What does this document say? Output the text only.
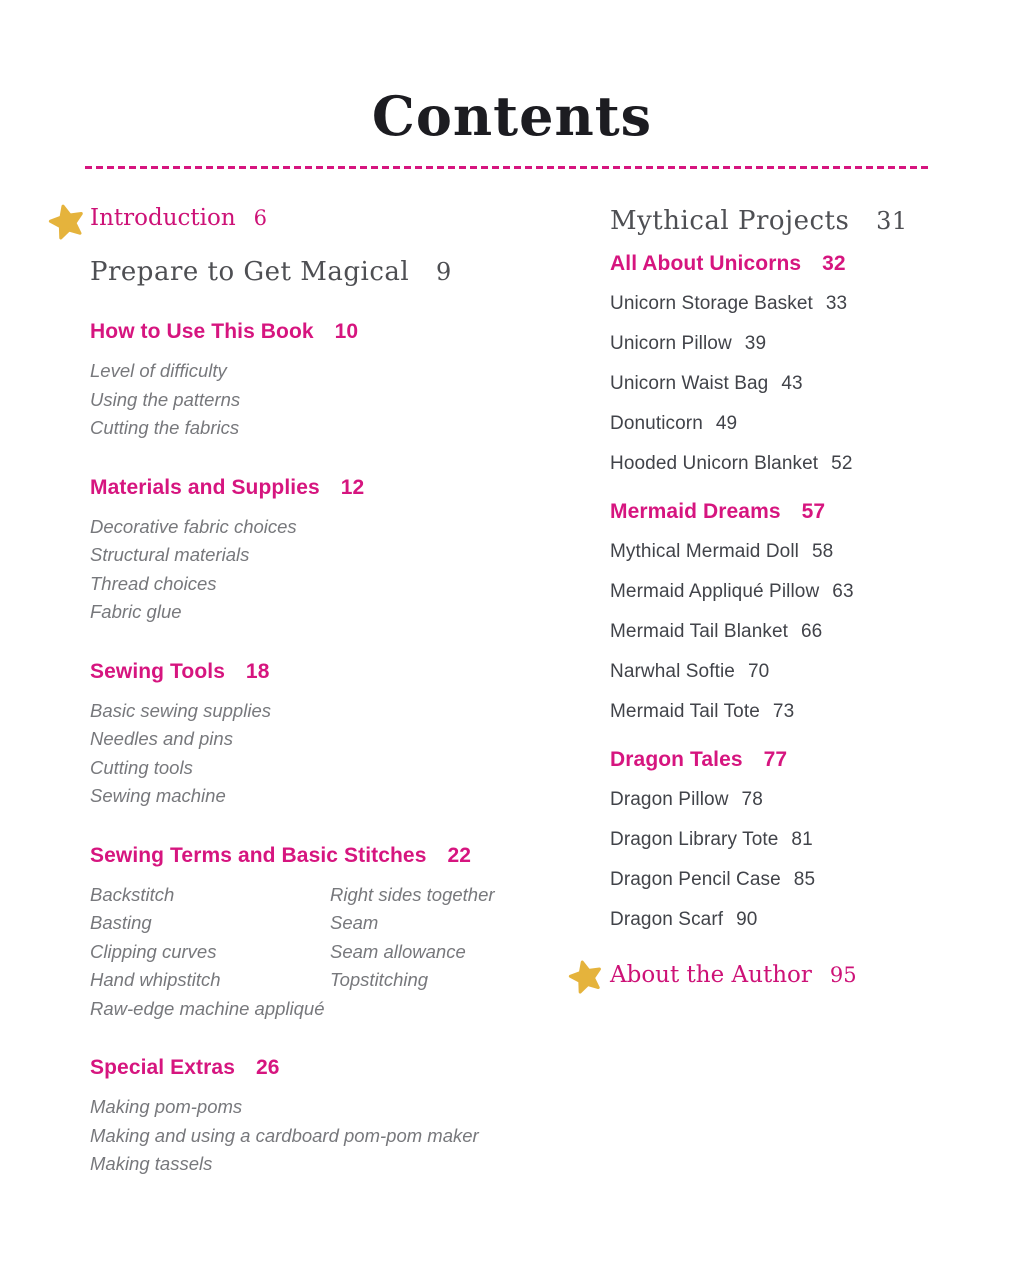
Contents
Introduction 6
Prepare to Get Magical 9
How to Use This Book 10
Level of difficulty
Using the patterns
Cutting the fabrics
Materials and Supplies 12
Decorative fabric choices
Structural materials
Thread choices
Fabric glue
Sewing Tools 18
Basic sewing supplies
Needles and pins
Cutting tools
Sewing machine
Sewing Terms and Basic Stitches 22
Backstitch
Basting
Clipping curves
Hand whipstitch
Raw-edge machine appliqué
Right sides together
Seam
Seam allowance
Topstitching
Special Extras 26
Making pom-poms
Making and using a cardboard pom-pom maker
Making tassels
Mythical Projects 31
All About Unicorns 32
Unicorn Storage Basket 33
Unicorn Pillow 39
Unicorn Waist Bag 43
Donuticorn 49
Hooded Unicorn Blanket 52
Mermaid Dreams 57
Mythical Mermaid Doll 58
Mermaid Appliqué Pillow 63
Mermaid Tail Blanket 66
Narwhal Softie 70
Mermaid Tail Tote 73
Dragon Tales 77
Dragon Pillow 78
Dragon Library Tote 81
Dragon Pencil Case 85
Dragon Scarf 90
About the Author 95
